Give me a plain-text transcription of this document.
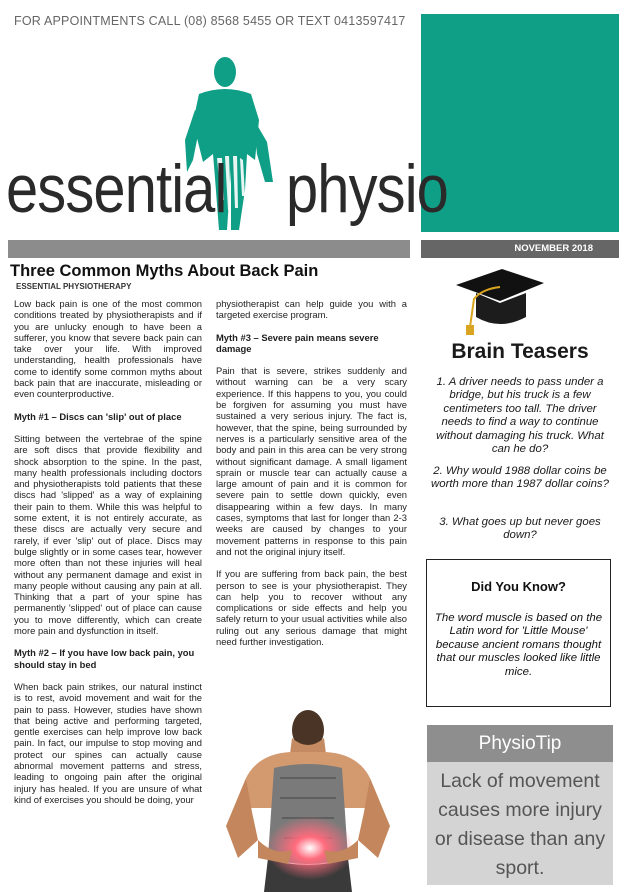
FOR APPOINTMENTS CALL (08) 8568 5455 OR TEXT 0413597417
essential physio
NOVEMBER 2018
Three Common Myths About Back Pain
ESSENTIAL PHYSIOTHERAPY

Low back pain is one of the most common conditions treated by physiotherapists and if you are unlucky enough to have been a sufferer, you know that severe back pain can take over your life. With improved understanding, health professionals have come to identify some common myths about back pain that are inaccurate, misleading or even counterproductive.

Myth #1 – Discs can 'slip' out of place

Sitting between the vertebrae of the spine are soft discs that provide flexibility and shock absorption to the spine. In the past, many health professionals including doctors and physiotherapists told patients that these discs had 'slipped' as a way of explaining their pain to them. While this was helpful to some extent, it is not entirely accurate, as these discs are actually very secure and rarely, if ever 'slip' out of place. Discs may bulge slightly or in some cases tear, however more often than not these injuries will heal without any permanent damage and exist in many people without causing any pain at all. Thinking that a part of your spine has permanently 'slipped' out of place can cause you to move differently, which can create more pain and dysfunction in itself.

Myth #2 – If you have low back pain, you should stay in bed

When back pain strikes, our natural instinct is to rest, avoid movement and wait for the pain to pass. However, studies have shown that being active and performing targeted, gentle exercises can help improve low back pain. In fact, our impulse to stop moving and protect our spines can actually cause abnormal movement patterns and stress, leading to ongoing pain after the original injury has healed. If you are unsure of what kind of exercises you should be doing, your

physiotherapist can help guide you with a targeted exercise program.

Myth #3 – Severe pain means severe damage

Pain that is severe, strikes suddenly and without warning can be a very scary experience. If this happens to you, you could be forgiven for assuming you must have sustained a very serious injury. The fact is, however, that the spine, being surrounded by nerves is a particularly sensitive area of the body and pain in this area can be very strong without significant damage. A small ligament sprain or muscle tear can actually cause a large amount of pain and it is common for severe pain to settle down quickly, even disappearing within a few days. In many cases, symptoms that last for longer than 2-3 weeks are caused by changes to your movement patterns in response to this pain and not the original injury itself.

If you are suffering from back pain, the best person to see is your physiotherapist. They can help you to recover without any complications or side effects and help you safely return to your usual activities while also ruling out any serious damage that might need further investigation.

Brain Teasers
1. A driver needs to pass under a bridge, but his truck is a few centimeters too tall. The driver needs to find a way to continue without damaging his truck. What can he do?
2. Why would 1988 dollar coins be worth more than 1987 dollar coins?
3. What goes up but never goes down?
Did You Know?
The word muscle is based on the Latin word for 'Little Mouse' because ancient romans thought that our muscles looked like little mice.
PhysioTip
Lack of movement causes more injury or disease than any sport.
